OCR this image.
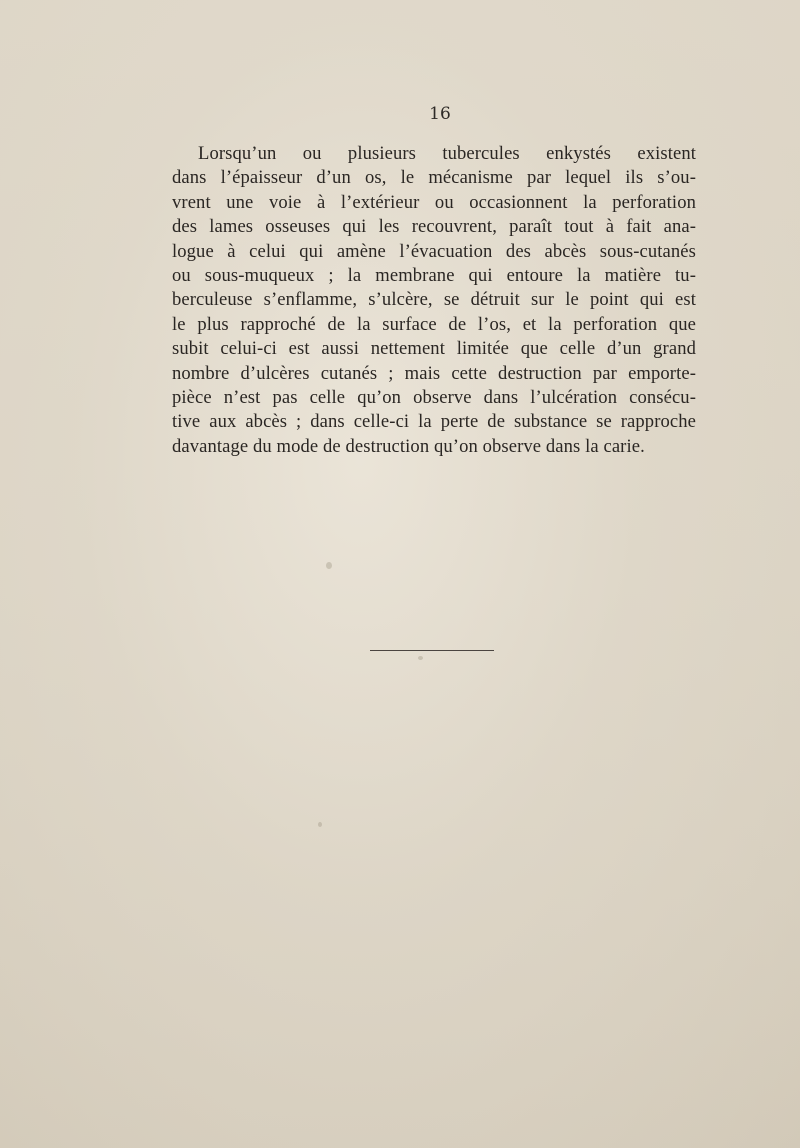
16
Lorsqu’un ou plusieurs tubercules enkystés existent
dans l’épaisseur d’un os, le mécanisme par lequel ils s’ou-
vrent une voie à l’extérieur ou occasionnent la perforation
des lames osseuses qui les recouvrent, paraît tout à fait ana-
logue à celui qui amène l’évacuation des abcès sous-cutanés
ou sous-muqueux ; la membrane qui entoure la matière tu-
berculeuse s’enflamme, s’ulcère, se détruit sur le point qui est
le plus rapproché de la surface de l’os, et la perforation que
subit celui-ci est aussi nettement limitée que celle d’un grand
nombre d’ulcères cutanés ; mais cette destruction par emporte-
pièce n’est pas celle qu’on observe dans l’ulcération consécu-
tive aux abcès ; dans celle-ci la perte de substance se rapproche
davantage du mode de destruction qu’on observe dans la carie.
